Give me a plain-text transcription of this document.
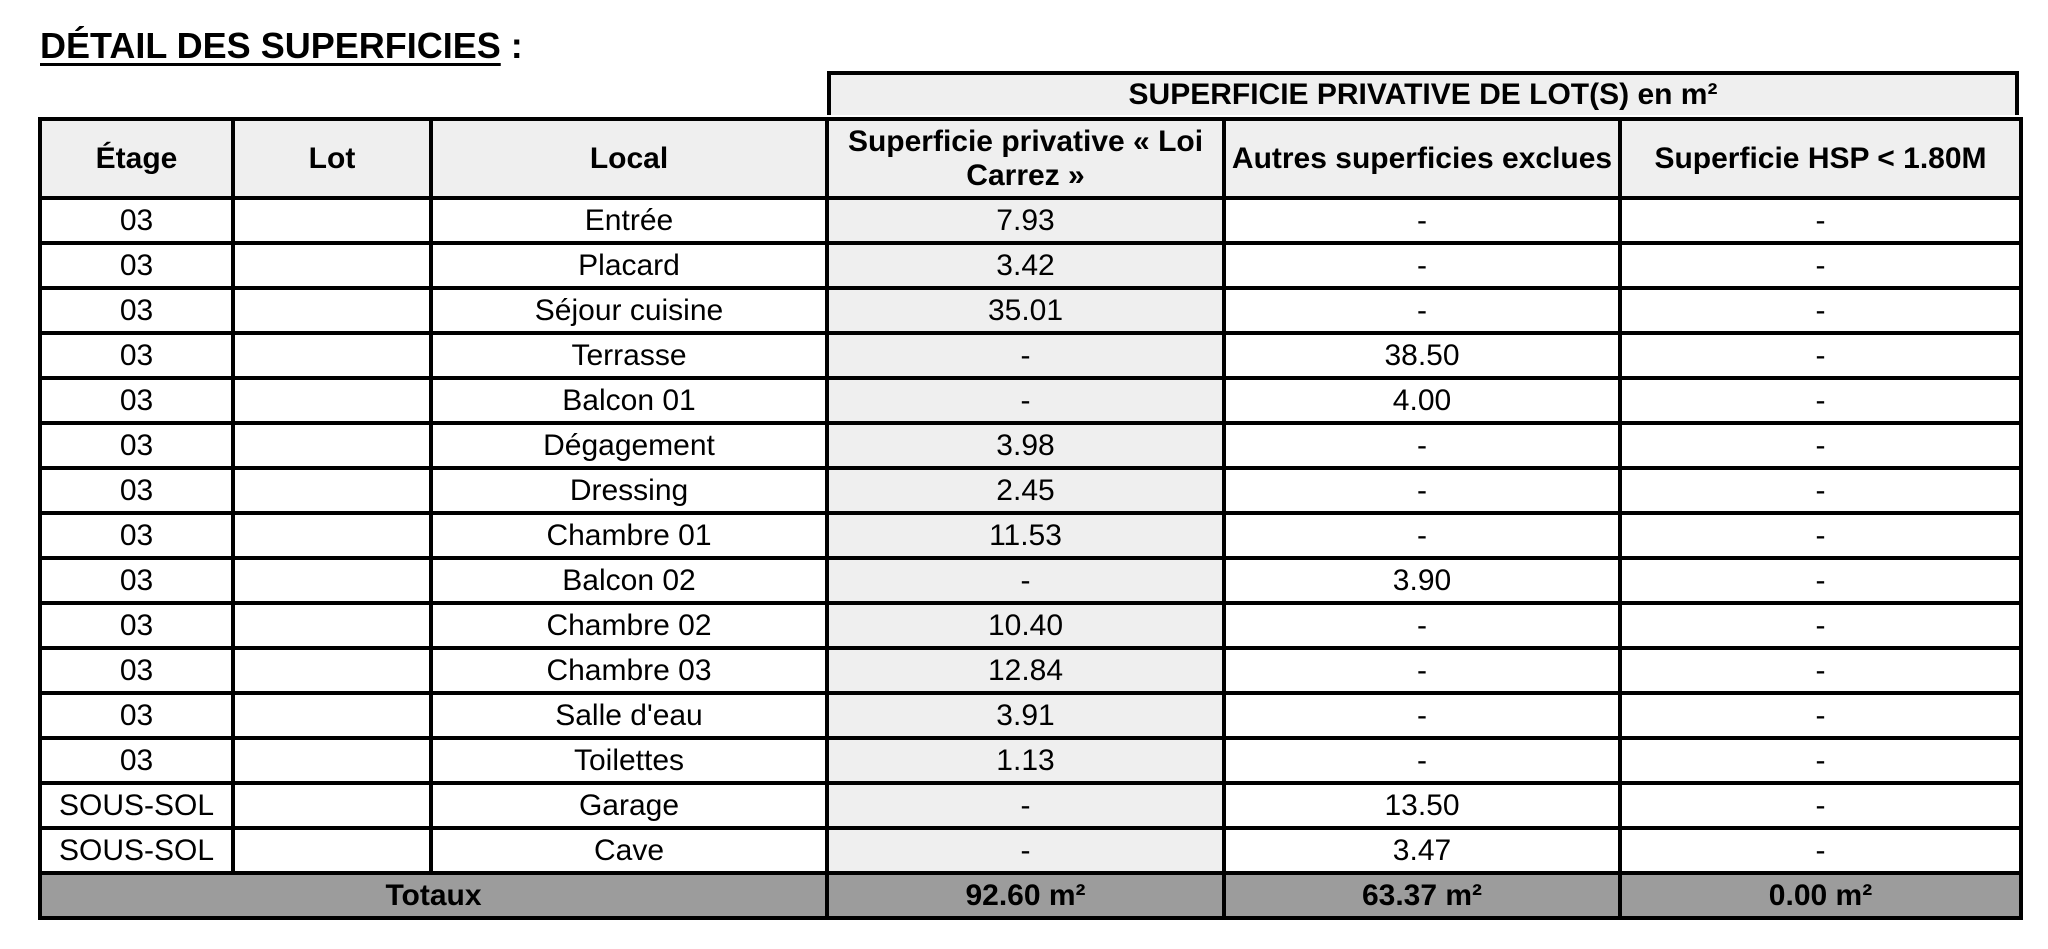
DÉTAIL DES SUPERFICIES :
SUPERFICIE PRIVATIVE DE LOT(S) en m²
Étage	Lot	Local	Superficie privative « Loi Carrez »	Autres superficies exclues	Superficie HSP < 1.80M
03		Entrée	7.93	-	-
03		Placard	3.42	-	-
03		Séjour cuisine	35.01	-	-
03		Terrasse	-	38.50	-
03		Balcon 01	-	4.00	-
03		Dégagement	3.98	-	-
03		Dressing	2.45	-	-
03		Chambre 01	11.53	-	-
03		Balcon 02	-	3.90	-
03		Chambre 02	10.40	-	-
03		Chambre 03	12.84	-	-
03		Salle d'eau	3.91	-	-
03		Toilettes	1.13	-	-
SOUS-SOL		Garage	-	13.50	-
SOUS-SOL		Cave	-	3.47	-
Totaux			92.60 m²	63.37 m²	0.00 m²
